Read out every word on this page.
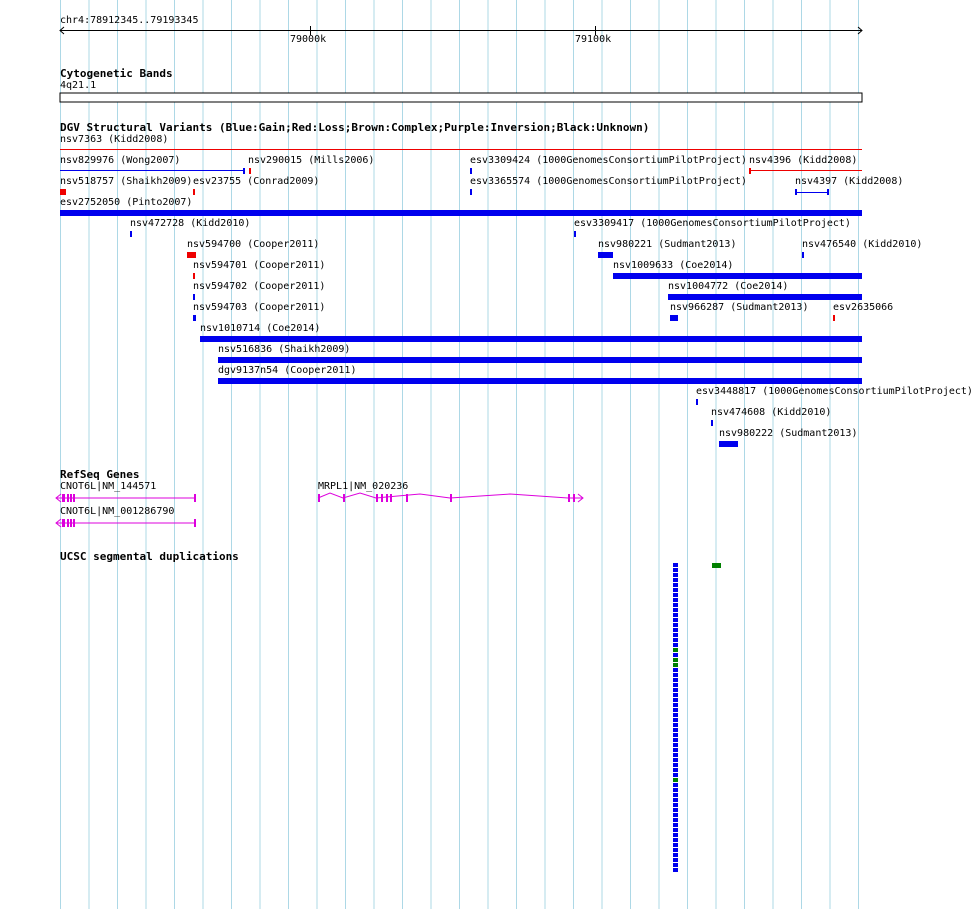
chr4:78912345..79193345
79000k	79100k
Cytogenetic Bands
4q21.1
DGV Structural Variants (Blue:Gain;Red:Loss;Brown:Complex;Purple:Inversion;Black:Unknown)
nsv7363 (Kidd2008)
nsv829976 (Wong2007)	nsv290015 (Mills2006)	esv3309424 (1000GenomesConsortiumPilotProject) nsv4396 (Kidd2008)
nsv518757 (Shaikh2009) esv23755 (Conrad2009)	esv3365574 (1000GenomesConsortiumPilotProject)	nsv4397 (Kidd2008)
esv2752050 (Pinto2007)
nsv472728 (Kidd2010)	esv3309417 (1000GenomesConsortiumPilotProject)
nsv594700 (Cooper2011)	nsv980221 (Sudmant2013)	nsv476540 (Kidd2010)
nsv594701 (Cooper2011)	nsv1009633 (Coe2014)
nsv594702 (Cooper2011)	nsv1004772 (Coe2014)
nsv594703 (Cooper2011)	nsv966287 (Sudmant2013) esv2635066
nsv1010714 (Coe2014)
nsv516836 (Shaikh2009)
dgv9137n54 (Cooper2011)
esv3448817 (1000GenomesConsortiumPilotProject)
nsv474608 (Kidd2010)
nsv980222 (Sudmant2013)
RefSeq Genes
CNOT6L|NM_144571	MRPL1|NM_020236
CNOT6L|NM_001286790
UCSC segmental duplications
